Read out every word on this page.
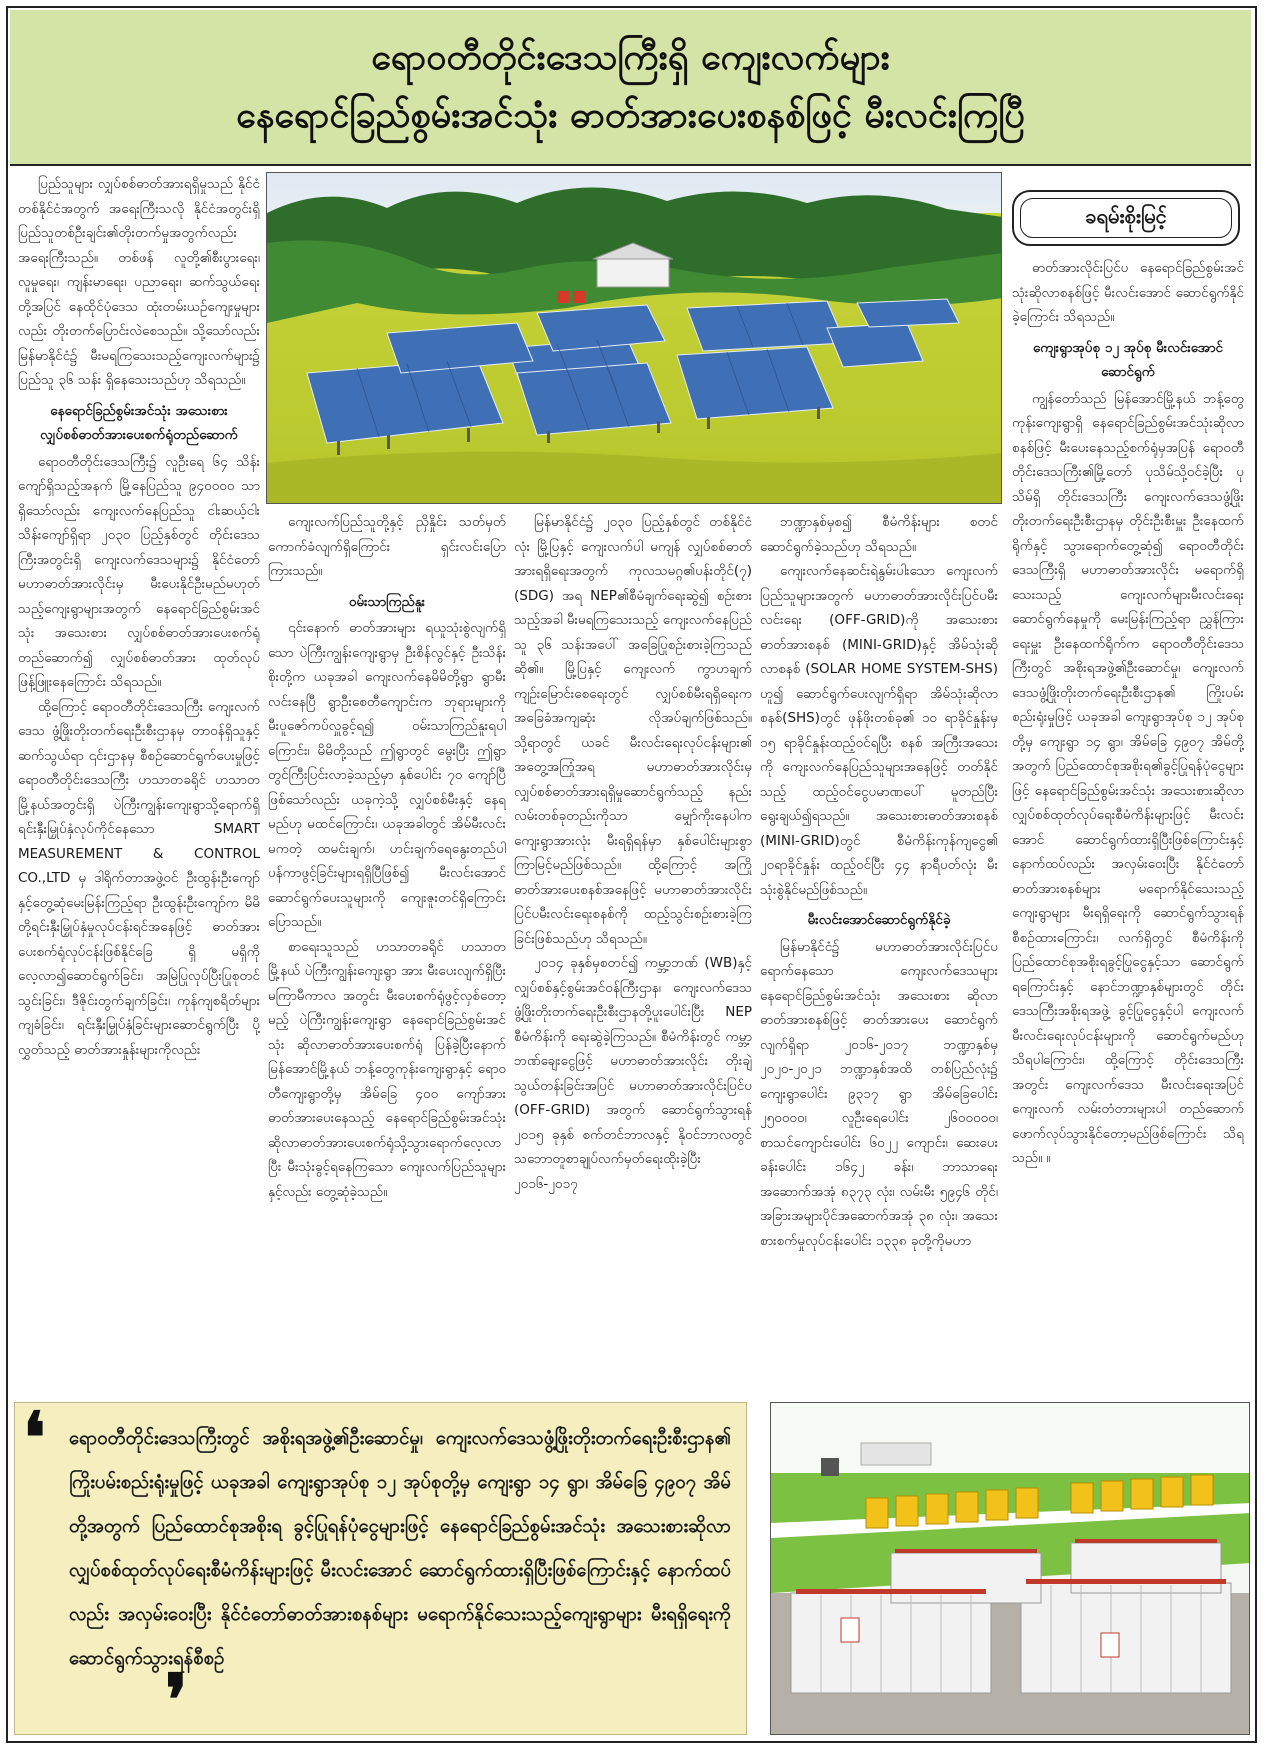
ရောဝတီတိုင်းဒေသကြီးရှိ ကျေးလက်များ
နေရောင်ခြည်စွမ်းအင်သုံး ဓာတ်အားပေးစနစ်ဖြင့် မီးလင်းကြပြီ

ပြည်သူများ လျှပ်စစ်ဓာတ်အားရရှိမှုသည် နိုင်ငံတစ်နိုင်ငံအတွက် အရေးကြီးသလို နိုင်ငံအတွင်းရှိ ပြည်သူတစ်ဦးချင်း၏တိုးတက်မှုအတွက်လည်း အရေးကြီးသည်။ တစ်ဖန် လူတို့၏စီးပွားရေး၊ လူမှုရေး၊ ကျန်းမာရေး၊ ပညာရေး၊ ဆက်သွယ်ရေးတို့အပြင် နေထိုင်ပုံဒေသ ထုံးတမ်းယဉ်ကျေးမှုများလည်း တိုးတက်ပြောင်းလဲစေသည်။ သို့သော်လည်း မြန်မာနိုင်ငံ၌ မီးမရကြသေးသည့်ကျေးလက်များ၌ ပြည်သူ ၃၆ သန်း ရှိနေသေးသည်ဟု သိရသည်။

နေရောင်ခြည်စွမ်းအင်သုံး အသေးစား လျှပ်စစ်ဓာတ်အားပေးစက်ရုံတည်ဆောက်

ရောဝတီတိုင်းဒေသကြီး၌ လူဦးရေ ၆၄ သိန်းကျော်ရှိသည့်အနက် မြို့နေပြည်သူ ၉၄၀၀၀၀ သာ ရှိသော်လည်း ကျေးလက်နေပြည်သူ ငါးဆယ့်ငါးသိန်းကျော်ရှိရာ ၂၀၃၀ ပြည့်နှစ်တွင် တိုင်းဒေသကြီးအတွင်းရှိ ကျေးလက်ဒေသများ၌ နိုင်ငံတော်မဟာဓာတ်အားလိုင်းမှ မီးပေးနိုင်ဦးမည်မဟုတ်သည့်ကျေးရွာများအတွက် နေရောင်ခြည်စွမ်းအင်သုံး အသေးစား လျှပ်စစ်ဓာတ်အားပေးစက်ရုံ တည်ဆောက်၍ လျှပ်စစ်ဓာတ်အား ထုတ်လုပ်ဖြန့်ဖြူးနေကြောင်း သိရသည်။

ထို့ကြောင့် ရောဝတီတိုင်းဒေသကြီး ကျေးလက်ဒေသ ဖွံ့ဖြိုးတိုးတက်ရေးဦးစီးဌာနမှ တာဝန်ရှိသူနှင့် ဆက်သွယ်ရာ ၎င်းဌာနမှ စီစဉ်ဆောင်ရွက်ပေးမှုဖြင့် ရောဝတီတိုင်းဒေသကြီး ဟသာတခရိုင် ဟသာတမြို့နယ်အတွင်းရှိ ပဲကြီးကျွန်းကျေးရွာသို့ရောက်ရှိ ရင်းနှီးမြှုပ်နှံလုပ်ကိုင်နေသော SMART MEASUREMENT & CONTROL CO.,LTD မှ ဒါရိုက်တာအဖွဲ့ဝင် ဦးထွန်းဦးကျော်နှင့်တွေ့ဆုံမေးမြန်းကြည့်ရာ ဦးထွန်းဦးကျော်က မိမိတို့ရင်းနှီးမြှုပ်နှံမှုလုပ်ငန်းရင်အနေဖြင့် ဓာတ်အားပေးစက်ရုံလုပ်ငန်းဖြစ်နိုင်ခြေ ရှိ မရှိကို လေ့လာ၍ဆောင်ရွက်ခြင်း၊ အမြဲပြုလုပ်ပြီးပြုစုတင်သွင်းခြင်း၊ ဒီဇိုင်းတွက်ချက်ခြင်း၊ ကုန်ကျစရိတ်များကျခံခြင်း၊ ရင်းနှီးမြှုပ်နှံခြင်းများဆောင်ရွက်ပြီး ပို့လွှတ်သည့် ဓာတ်အားနှုန်းများကိုလည်း

ကျေးလက်ပြည်သူတို့နှင့် ညှိနှိုင်း သတ်မှတ် ကောက်ခံလျက်ရှိကြောင်း ရှင်းလင်းပြောကြားသည်။

ဝမ်းသာကြည်နူး

၎င်းနောက် ဓာတ်အားများ ရယူသုံးစွဲလျက်ရှိသော ပဲကြီးကျွန်းကျေးရွာမှ ဦးစိန်လွင်နှင့် ဦးသိန်းစိုးတို့က ယခုအခါ ကျေးလက်နေမိမိတို့ရွာ ရွာမီးလင်းနေပြီ ရွာဦးစေတီကျောင်းက ဘုရားများကိုမီးပူဇော်ကပ်လှူခွင့်ရ၍ ဝမ်းသာကြည်နူးရပါကြောင်း၊ မိမိတို့သည် ဤရွာတွင် မွေးပြီး ဤရွာတွင်ကြီးပြင်းလာခဲ့သည့်မှာ နှစ်ပေါင်း ၇၀ ကျော်ပြီဖြစ်သော်လည်း ယခုကဲ့သို့ လျှပ်စစ်မီးနှင့် နေရမည်ဟု မထင်ကြောင်း၊ ယခုအခါတွင် အိမ်မီးလင်းမကတဲ့ ထမင်းချက်၊ ဟင်းချက်ရေနွေးတည်ပါ ပန်ကာဖွင့်ခြင်းများရရှိပြီဖြစ်၍ မီးလင်းအောင် ဆောင်ရွက်ပေးသူများကို ကျေးဇူးတင်ရှိကြောင်း ပြောသည်။

စာရေးသူသည် ဟသာတခရိုင် ဟသာတမြို့နယ် ပဲကြီးကျွန်းကျေးရွာ အား မီးပေးလျက်ရှိပြီး မကြာမီကာလ အတွင်း မီးပေးစက်ရုံဖွင့်လှစ်တော့မည့် ပဲကြီးကျွန်းကျေးရွာ နေရောင်ခြည်စွမ်းအင်သုံး ဆိုလာဓာတ်အားပေးစက်ရုံ ပြန်ခဲ့ပြီးနောက် မြန်အောင်မြို့နယ် ဘန့်တွေကုန်းကျေးရွာနှင့် ရောဝတီကျေးရွာတို့မှ အိမ်ခြေ ၄၀၀ ကျော်အား ဓာတ်အားပေးနေသည့် နေရောင်ခြည်စွမ်းအင်သုံးဆိုလာဓာတ်အားပေးစက်ရုံသို့သွားရောက်လေ့လာပြီး မီးသုံးခွင့်ရနေကြသော ကျေးလက်ပြည်သူများနှင့်လည်း တွေ့ဆုံခဲ့သည်။

မြန်မာနိုင်ငံ၌ ၂၀၃၀ ပြည့်နှစ်တွင် တစ်နိုင်ငံလုံး မြို့ပြနှင့် ကျေးလက်ပါ မကျန် လျှပ်စစ်ဓာတ်အားရရှိရေးအတွက် ကုလသမဂ္ဂ၏ပန်းတိုင်(၇) (SDG) အရ NEP၏စီမံချက်ရေးဆွဲ၍ စဉ်းစားသည့်အခါ မီးမရကြသေးသည့် ကျေးလက်နေပြည်သူ ၃၆ သန်းအပေါ် အခြေပြုစဉ်းစားခဲ့ကြသည်ဆို၏။ မြို့ပြနှင့် ကျေးလက် ကွာဟချက် ကျဉ်းမြောင်းစေရေးတွင် လျှပ်စစ်မီးရရှိရေးက အခြေခံအကျဆုံး လိုအပ်ချက်ဖြစ်သည်။ သို့ရာတွင် ယခင် မီးလင်းရေးလုပ်ငန်းများ၏ အတွေ့အကြုံအရ မဟာဓာတ်အားလိုင်းမှ လျှပ်စစ်ဓာတ်အားရရှိမှုဆောင်ရွက်သည့် နည်းလမ်းတစ်ခုတည်းကိုသာ မျှော်ကိုးနေပါက ကျေးရွာအားလုံး မီးရရှိရန်မှာ နှစ်ပေါင်းများစွာ ကြာမြင့်မည်ဖြစ်သည်။ ထို့ကြောင့် အကြိုဓာတ်အားပေးစနစ်အနေဖြင့် မဟာဓာတ်အားလိုင်းပြင်ပမီးလင်းရေးစနစ်ကို ထည့်သွင်းစဉ်းစားခဲ့ကြခြင်းဖြစ်သည်ဟု သိရသည်။

၂၀၁၄ ခုနှစ်မှစတင်၍ ကမ္ဘာ့ဘဏ် (WB)နှင့် လျှပ်စစ်နှင့်စွမ်းအင်ဝန်ကြီးဌာန၊ ကျေးလက်ဒေသဖွံ့ဖြိုးတိုးတက်ရေးဦးစီးဌာနတို့ပူးပေါင်းပြီး NEP စီမံကိန်းကို ရေးဆွဲခဲ့ကြသည်။ စီမံကိန်းတွင် ကမ္ဘာ့ဘဏ်ချေးငွေဖြင့် မဟာဓာတ်အားလိုင်း တိုးချဲ့သွယ်တန်းခြင်းအပြင် မဟာဓာတ်အားလိုင်းပြင်ပ (OFF-GRID) အတွက် ဆောင်ရွက်သွားရန် ၂၀၁၅ ခုနှစ် စက်တင်ဘာလနှင့် နိုဝင်ဘာလတွင် သဘောတူစာချုပ်လက်မှတ်ရေးထိုးခဲ့ပြီး ၂၀၁၆-၂၀၁၇

ဘဏ္ဍာနှစ်မှစ၍ စီမံကိန်းများ စတင်ဆောင်ရွက်ခဲ့သည်ဟု သိရသည်။

ကျေးလက်နေဆင်းရဲနွမ်းပါးသော ကျေးလက်ပြည်သူများအတွက် မဟာဓာတ်အားလိုင်းပြင်ပမီးလင်းရေး (OFF-GRID)ကို အသေးစားဓာတ်အားစနစ် (MINI-GRID)နှင့် အိမ်သုံးဆိုလာစနစ် (SOLAR HOME SYSTEM-SHS) ဟူ၍ ဆောင်ရွက်ပေးလျက်ရှိရာ အိမ်သုံးဆိုလာစနစ်(SHS)တွင် ဖုန်ဖိုးတစ်ခု၏ ၁၀ ရာခိုင်နှုန်းမှ ၁၅ ရာခိုင်နှုန်းထည့်ဝင်ရပြီး စနစ် အကြီးအသေးကို ကျေးလက်နေပြည်သူများအနေဖြင့် တတ်နိုင်သည့် ထည့်ဝင်ငွေပမာဏပေါ် မူတည်ပြီး ရွေးချယ်၍ရသည်။ အသေးစားဓာတ်အားစနစ် (MINI-GRID)တွင် စီမံကိန်းကုန်ကျငွေ၏ ၂၀ရာခိုင်နှုန်း ထည့်ဝင်ပြီး ၄၄ နာရီပတ်လုံး မီးသုံးစွဲနိုင်မည်ဖြစ်သည်။

မီးလင်းအောင်ဆောင်ရွက်နိုင်ခဲ့

မြန်မာနိုင်ငံ၌ မဟာဓာတ်အားလိုင်းပြင်ပရောက်နေသော ကျေးလက်ဒေသများ နေရောင်ခြည်စွမ်းအင်သုံး အသေးစား ဆိုလာဓာတ်အားစနစ်ဖြင့် ဓာတ်အားပေး ဆောင်ရွက်လျက်ရှိရာ ၂၀၁၆-၂၀၁၇ ဘဏ္ဍာနှစ်မှ ၂၀၂၀-၂၀၂၁ ဘဏ္ဍာနှစ်အထိ တစ်ပြည်လုံး၌ ကျေးရွာပေါင်း ၉၃၁၇ ရွာ အိမ်ခြေပေါင်း ၂၅၀၀၀၀၊ လူဦးရေပေါင်း ၂၆၀၀၀၀၀၊ စာသင်ကျောင်းပေါင်း ၆၀၂၂ ကျောင်း၊ ဆေးပေးခန်းပေါင်း ၁၆၄၂ ခန်း၊ ဘာသာရေးအဆောက်အအုံ ၈၃၇၃ လုံး၊ လမ်းမီး ၅၉၄၆ တိုင်၊ အခြားအများပိုင်အဆောက်အအုံ ၃၈ လုံး၊ အသေးစားစက်မှုလုပ်ငန်းပေါင်း ၁၃၃၈ ခုတို့ကိုမဟာ

ခရမ်းစိုးမြင့်

ဓာတ်အားလိုင်းပြင်ပ နေရောင်ခြည်စွမ်းအင်သုံးဆိုလာစနစ်ဖြင့် မီးလင်းအောင် ဆောင်ရွက်နိုင်ခဲ့ကြောင်း သိရသည်။

ကျေးရွာအုပ်စု ၁၂ အုပ်စု မီးလင်းအောင်ဆောင်ရွက်

ကျွန်တော်သည် မြန်အောင်မြို့နယ် ဘန့်တွေကုန်းကျေးရွာရှိ နေရောင်ခြည်စွမ်းအင်သုံးဆိုလာစနစ်ဖြင့် မီးပေးနေသည့်စက်ရုံမှအပြန် ရောဝတီတိုင်းဒေသကြီး၏မြို့တော် ပုသိမ်သို့ဝင်ခဲ့ပြီး ပုသိမ်ရှိ တိုင်းဒေသကြီး ကျေးလက်ဒေသဖွံ့ဖြိုးတိုးတက်ရေးဦးစီးဌာနမှ တိုင်းဦးစီးမှူး ဦးနေထက်ရိုက်နှင့် သွားရောက်တွေ့ဆုံ၍ ရောဝတီတိုင်းဒေသကြီးရှိ မဟာဓာတ်အားလိုင်း မရောက်ရှိသေးသည့် ကျေးလက်များမီးလင်းရေး ဆောင်ရွက်နေမှုကို မေးမြန်းကြည့်ရာ ညွှန်ကြားရေးမှူး ဦးနေထက်ရိုက်က ရောဝတီတိုင်းဒေသကြီးတွင် အစိုးရအဖွဲ့၏ဦးဆောင်မှု၊ ကျေးလက်ဒေသဖွံ့ဖြိုးတိုးတက်ရေးဦးစီးဌာန၏ ကြိုးပမ်းစည်းရုံးမှုဖြင့် ယခုအခါ ကျေးရွာအုပ်စု ၁၂ အုပ်စုတို့မှ ကျေးရွာ ၁၄ ရွာ၊ အိမ်ခြေ ၄၉၀၇ အိမ်တို့အတွက် ပြည်ထောင်စုအစိုးရ၏ခွင့်ပြုရန်ပုံငွေများဖြင့် နေရောင်ခြည်စွမ်းအင်သုံး အသေးစားဆိုလာလျှပ်စစ်ထုတ်လုပ်ရေးစီမံကိန်းများဖြင့် မီးလင်းအောင် ဆောင်ရွက်ထားရှိပြီးဖြစ်ကြောင်းနှင့် နောက်ထပ်လည်း အလှမ်းဝေးပြီး နိုင်ငံတော်ဓာတ်အားစနစ်များ မရောက်နိုင်သေးသည့် ကျေးရွာများ မီးရရှိရေးကို ဆောင်ရွက်သွားရန်စီစဉ်ထားကြောင်း၊ လက်ရှိတွင် စီမံကိန်းကို ပြည်ထောင်စုအစိုးရခွင့်ပြုငွေနှင့်သာ ဆောင်ရွက်ရကြောင်းနှင့် နောင်ဘဏ္ဍာနှစ်များတွင် တိုင်းဒေသကြီးအစိုးရအဖွဲ့ ခွင့်ပြုငွေနှင့်ပါ ကျေးလက်မီးလင်းရေးလုပ်ငန်းများကို ဆောင်ရွက်မည်ဟု သိရပါကြောင်း၊ ထို့ကြောင့် တိုင်းဒေသကြီးအတွင်း ကျေးလက်ဒေသ မီးလင်းရေးအပြင် ကျေးလက် လမ်းတံတားများပါ တည်ဆောက်ဖောက်လုပ်သွားနိုင်တော့မည်ဖြစ်ကြောင်း သိရသည်။ ။

❛ ရောဝတီတိုင်းဒေသကြီးတွင် အစိုးရအဖွဲ့၏ဦးဆောင်မှု၊ ကျေးလက်ဒေသဖွံ့ဖြိုးတိုးတက်ရေးဦးစီးဌာန၏ ကြိုးပမ်းစည်းရုံးမှုဖြင့် ယခုအခါ ကျေးရွာအုပ်စု ၁၂ အုပ်စုတို့မှ ကျေးရွာ ၁၄ ရွာ၊ အိမ်ခြေ ၄၉၀၇ အိမ်တို့အတွက် ပြည်ထောင်စုအစိုးရ ခွင့်ပြုရန်ပုံငွေများဖြင့် နေရောင်ခြည်စွမ်းအင်သုံး အသေးစားဆိုလာလျှပ်စစ်ထုတ်လုပ်ရေးစီမံကိန်းများဖြင့် မီးလင်းအောင် ဆောင်ရွက်ထားရှိပြီးဖြစ်ကြောင်းနှင့် နောက်ထပ်လည်း အလှမ်းဝေးပြီး နိုင်ငံတော်ဓာတ်အားစနစ်များ မရောက်နိုင်သေးသည့်ကျေးရွာများ မီးရရှိရေးကို ဆောင်ရွက်သွားရန်စီစဉ်
❜
